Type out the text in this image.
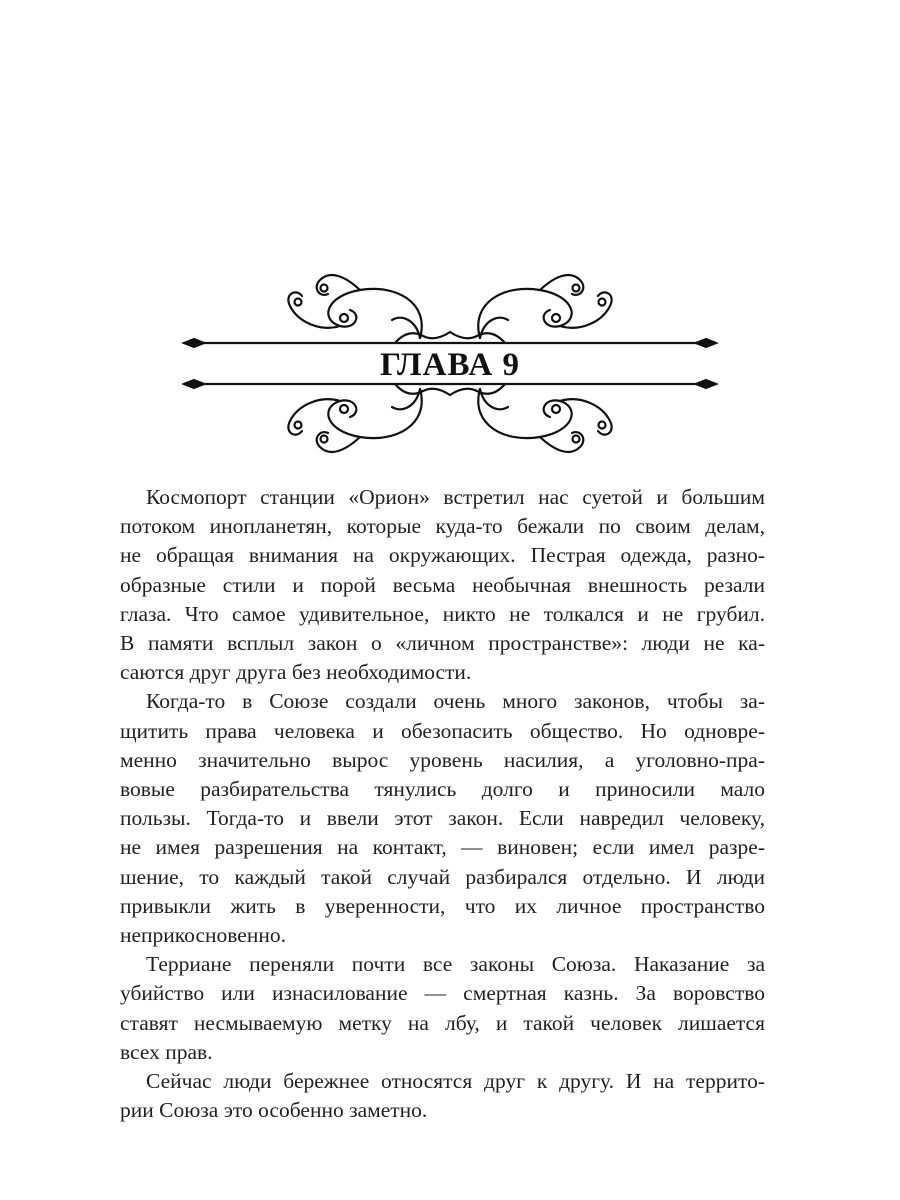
ГЛАВА 9

Космопорт станции «Орион» встретил нас суетой и большим
потоком инопланетян, которые куда-то бежали по своим делам,
не обращая внимания на окружающих. Пестрая одежда, разно-
образные стили и порой весьма необычная внешность резали
глаза. Что самое удивительное, никто не толкался и не грубил.
В памяти всплыл закон о «личном пространстве»: люди не ка-
саются друг друга без необходимости.

Когда-то в Союзе создали очень много законов, чтобы за-
щитить права человека и обезопасить общество. Но одновре-
менно значительно вырос уровень насилия, а уголовно-пра-
вовые разбирательства тянулись долго и приносили мало
пользы. Тогда-то и ввели этот закон. Если навредил человеку,
не имея разрешения на контакт, — виновен; если имел разре-
шение, то каждый такой случай разбирался отдельно. И люди
привыкли жить в уверенности, что их личное пространство
неприкосновенно.

Терриане переняли почти все законы Союза. Наказание за
убийство или изнасилование — смертная казнь. За воровство
ставят несмываемую метку на лбу, и такой человек лишается
всех прав.

Сейчас люди бережнее относятся друг к другу. И на террито-
рии Союза это особенно заметно.
